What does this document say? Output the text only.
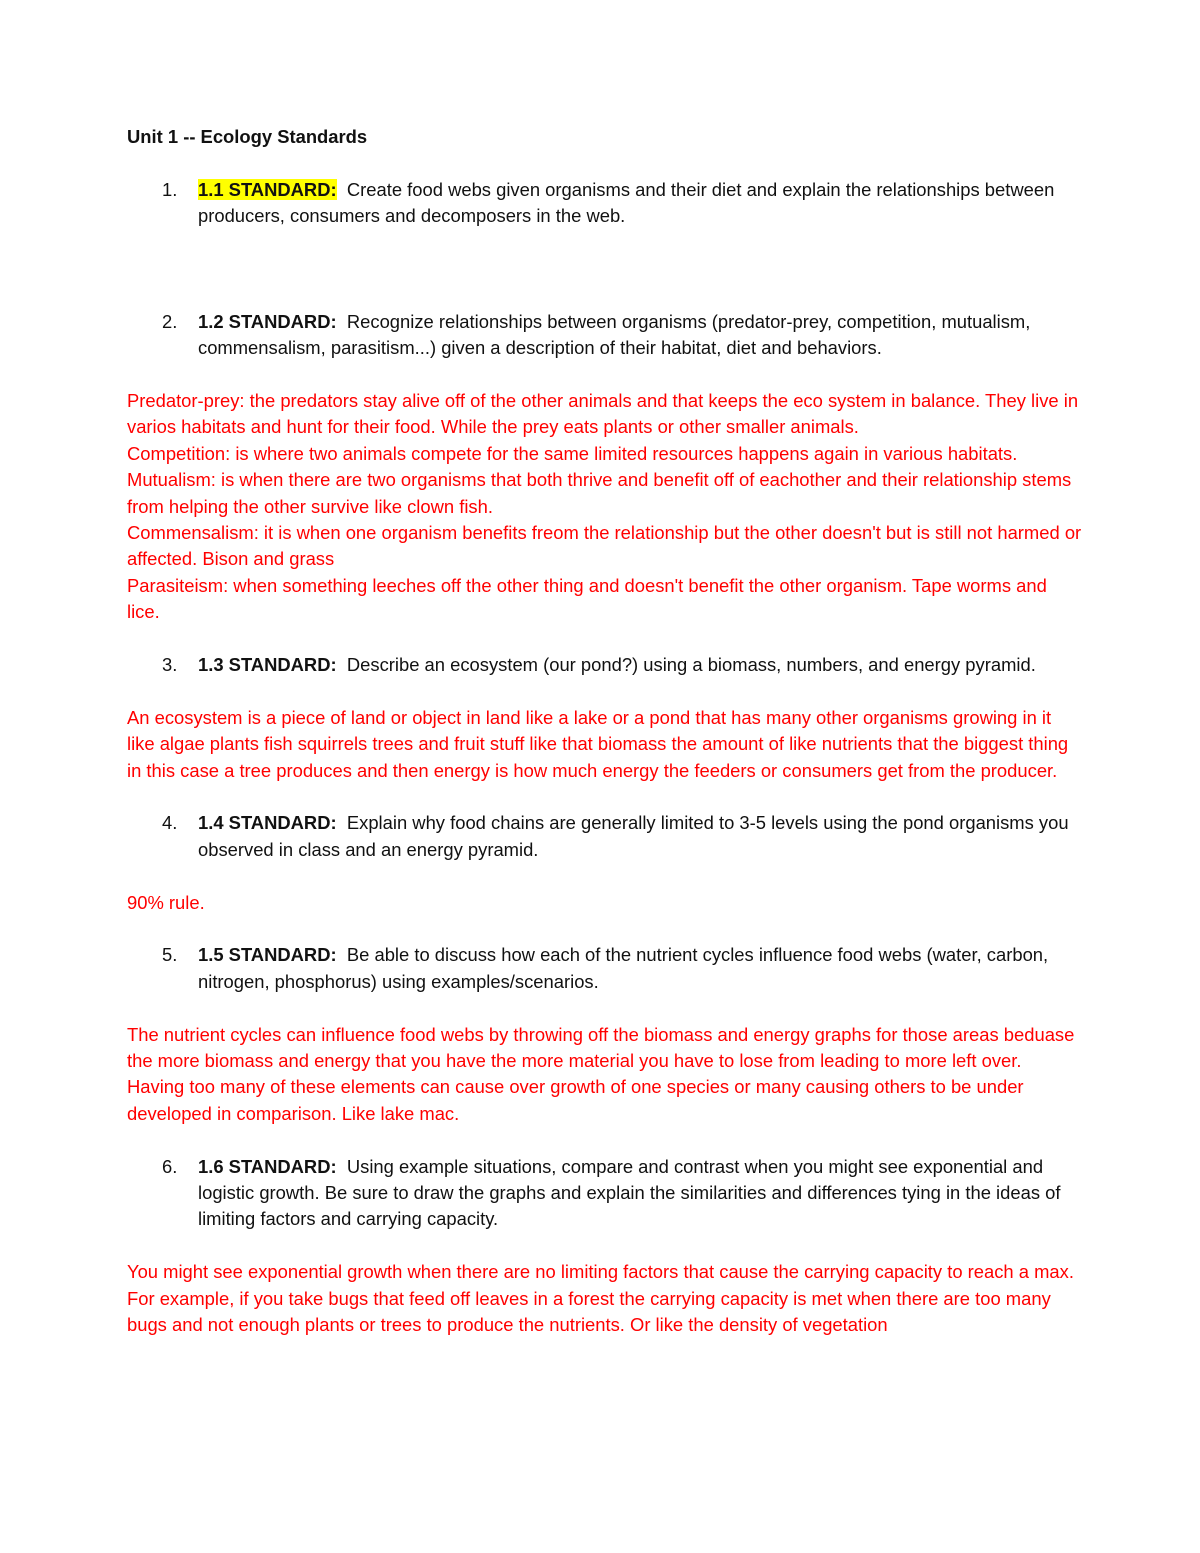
Unit 1 -- Ecology Standards

1. 1.1 STANDARD: Create food webs given organisms and their diet and explain the relationships between producers, consumers and decomposers in the web.
2. 1.2 STANDARD: Recognize relationships between organisms (predator-prey, competition, mutualism, commensalism, parasitism...) given a description of their habitat, diet and behaviors.

Predator-prey: the predators stay alive off of the other animals and that keeps the eco system in balance. They live in varios habitats and hunt for their food. While the prey eats plants or other smaller animals.

Competition: is where two animals compete for the same limited resources happens again in various habitats.

Mutualism: is when there are two organisms that both thrive and benefit off of eachother and their relationship stems from helping the other survive like clown fish.

Commensalism: it is when one organism benefits freom the relationship but the other doesn't but is still not harmed or affected. Bison and grass

Parasiteism: when something leeches off the other thing and doesn't benefit the other organism. Tape worms and lice.

3. 1.3 STANDARD: Describe an ecosystem (our pond?) using a biomass, numbers, and energy pyramid.

An ecosystem is a piece of land or object in land like a lake or a pond that has many other organisms growing in it like algae plants fish squirrels trees and fruit stuff like that biomass the amount of like nutrients that the biggest thing in this case a tree produces and then energy is how much energy the feeders or consumers get from the producer.

4. 1.4 STANDARD: Explain why food chains are generally limited to 3-5 levels using the pond organisms you observed in class and an energy pyramid.

90% rule.

5. 1.5 STANDARD: Be able to discuss how each of the nutrient cycles influence food webs (water, carbon, nitrogen, phosphorus) using examples/scenarios.

The nutrient cycles can influence food webs by throwing off the biomass and energy graphs for those areas beduase the more biomass and energy that you have the more material you have to lose from leading to more left over. Having too many of these elements can cause over growth of one species or many causing others to be under developed in comparison. Like lake mac.

6. 1.6 STANDARD: Using example situations, compare and contrast when you might see exponential and logistic growth. Be sure to draw the graphs and explain the similarities and differences tying in the ideas of limiting factors and carrying capacity.

You might see exponential growth when there are no limiting factors that cause the carrying capacity to reach a max. For example, if you take bugs that feed off leaves in a forest the carrying capacity is met when there are too many bugs and not enough plants or trees to produce the nutrients. Or like the density of vegetation
